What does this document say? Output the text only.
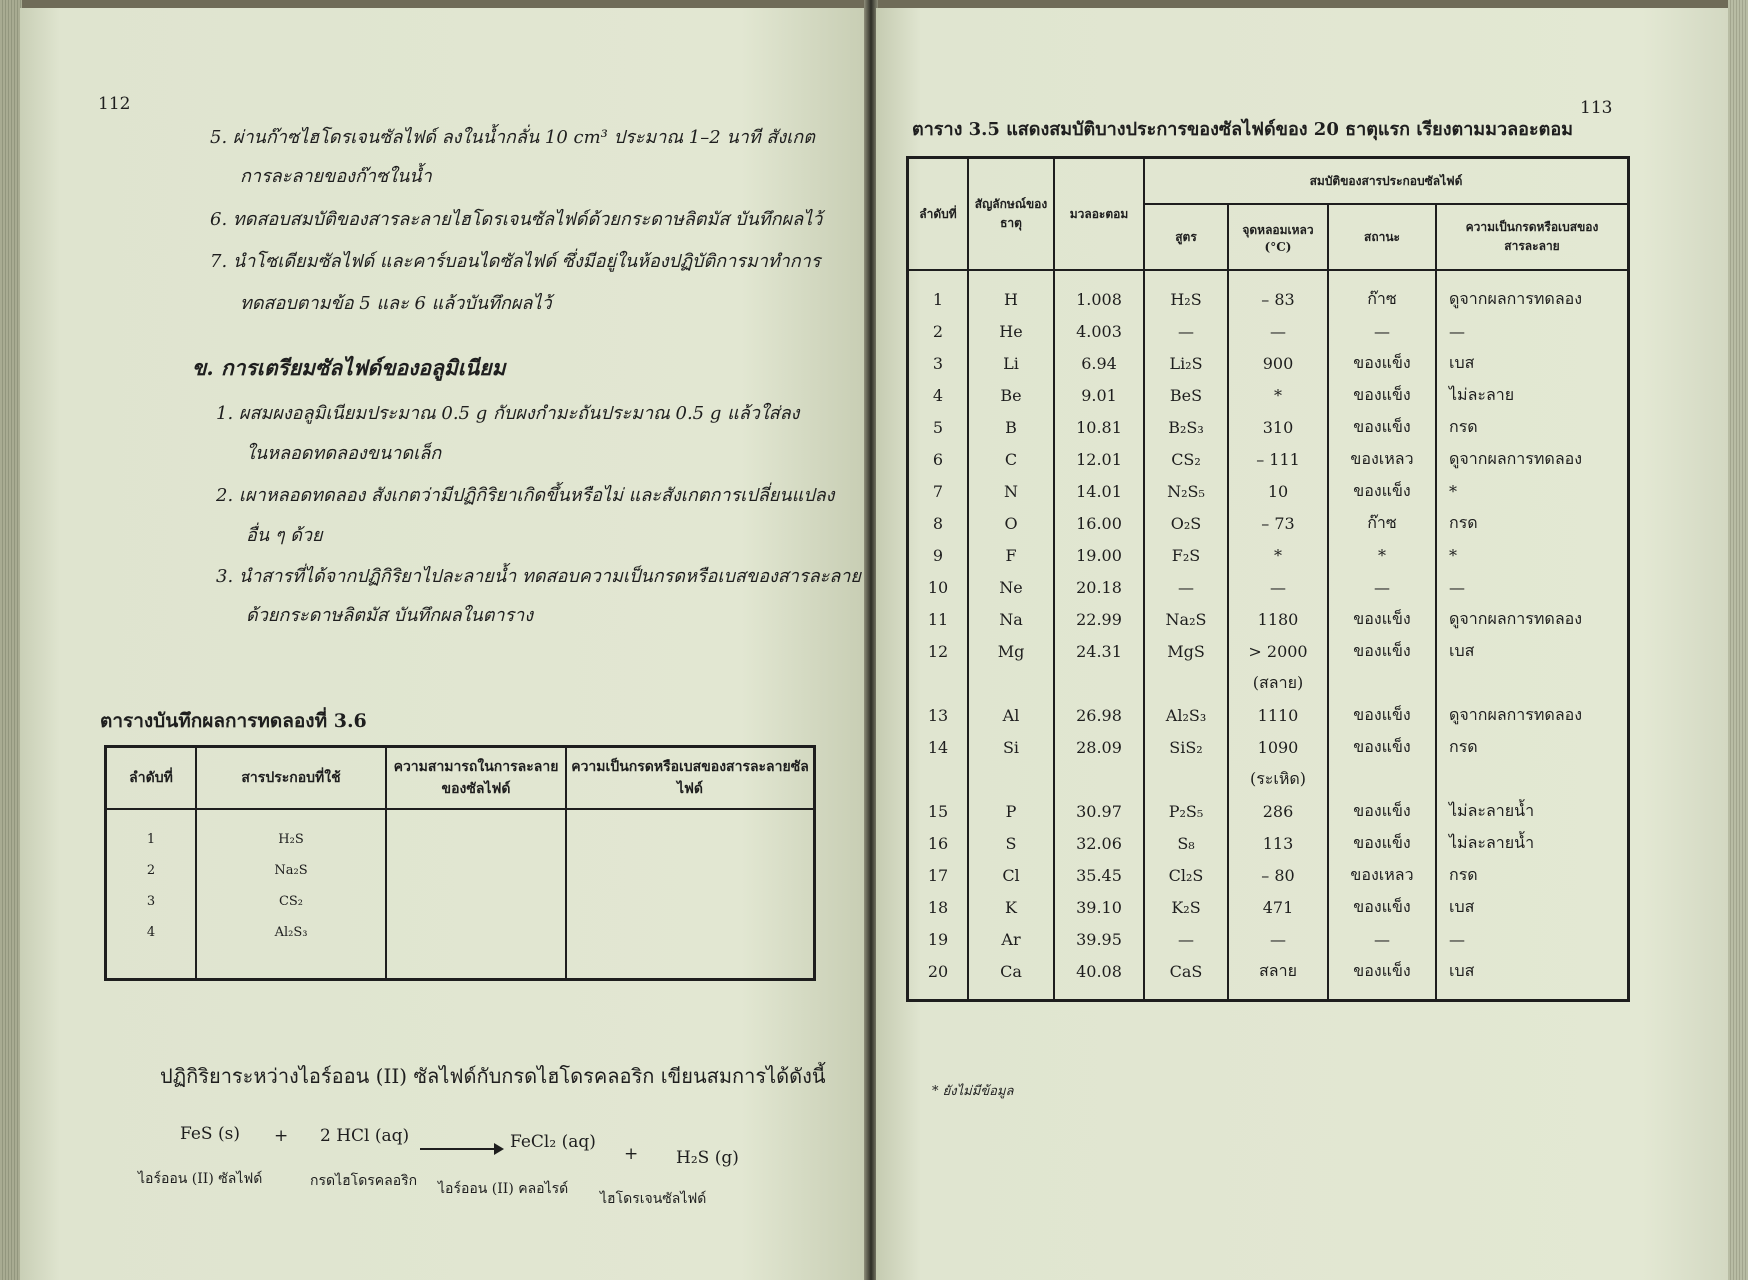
112
5. ผ่านก๊าซไฮโดรเจนซัลไฟด์ ลงในน้ำกลั่น 10 cm³ ประมาณ 1–2 นาที สังเกต
การละลายของก๊าซในน้ำ
6. ทดสอบสมบัติของสารละลายไฮโดรเจนซัลไฟด์ด้วยกระดาษลิตมัส บันทึกผลไว้
7. นำโซเดียมซัลไฟด์ และคาร์บอนไดซัลไฟด์ ซึ่งมีอยู่ในห้องปฏิบัติการมาทำการ
ทดสอบตามข้อ 5 และ 6 แล้วบันทึกผลไว้
ข. การเตรียมซัลไฟด์ของอลูมิเนียม
1. ผสมผงอลูมิเนียมประมาณ 0.5 g กับผงกำมะถันประมาณ 0.5 g แล้วใส่ลง
ในหลอดทดลองขนาดเล็ก
2. เผาหลอดทดลอง สังเกตว่ามีปฏิกิริยาเกิดขึ้นหรือไม่ และสังเกตการเปลี่ยนแปลง
อื่น ๆ ด้วย
3. นำสารที่ได้จากปฏิกิริยาไปละลายน้ำ ทดสอบความเป็นกรดหรือเบสของสารละลาย
ด้วยกระดาษลิตมัส บันทึกผลในตาราง
ตารางบันทึกผลการทดลองที่ 3.6
ลำดับที่	สารประกอบที่ใช้	ความสามารถในการละลายของซัลไฟด์	ความเป็นกรดหรือเบสของสารละลายซัลไฟด์

1	H₂S		
2	Na₂S		
3	CS₂		
4	Al₂S₃		

ปฏิกิริยาระหว่างไอร์ออน (II) ซัลไฟด์กับกรดไฮโดรคลอริก เขียนสมการได้ดังนี้
FeS (s) + 2 HCl (aq)	FeCl₂ (aq)
+ H₂S (g)
ไอร์ออน (II) ซัลไฟด์	กรดไฮโดรคลอริก ไอร์ออน (II) คลอไรด์
ไฮโดรเจนซัลไฟด์
113
ตาราง 3.5 แสดงสมบัติบางประการของซัลไฟด์ของ 20 ธาตุแรก เรียงตามมวลอะตอม
ลำดับที่	สัญลักษณ์ของธาตุ	มวลอะตอม	สมบัติของสารประกอบซัลไฟด์			
			สูตร	จุดหลอมเหลว (°C)	สถานะ	ความเป็นกรดหรือเบสของสารละลาย

1	H	1.008	H₂S	– 83	ก๊าซ	ดูจากผลการทดลอง
2	He	4.003	—	—	—	—
3	Li	6.94	Li₂S	900	ของแข็ง	เบส
4	Be	9.01	BeS	*	ของแข็ง	ไม่ละลาย
5	B	10.81	B₂S₃	310	ของแข็ง	กรด
6	C	12.01	CS₂	– 111	ของเหลว	ดูจากผลการทดลอง
7	N	14.01	N₂S₅	10	ของแข็ง	*
8	O	16.00	O₂S	– 73	ก๊าซ	กรด
9	F	19.00	F₂S	*	*	*
10	Ne	20.18	—	—	—	—
11	Na	22.99	Na₂S	1180	ของแข็ง	ดูจากผลการทดลอง
12	Mg	24.31	MgS	> 2000	ของแข็ง	เบส
				(สลาย)		
13	Al	26.98	Al₂S₃	1110	ของแข็ง	ดูจากผลการทดลอง
14	Si	28.09	SiS₂	1090	ของแข็ง	กรด
				(ระเหิด)		
15	P	30.97	P₂S₅	286	ของแข็ง	ไม่ละลายน้ำ
16	S	32.06	S₈	113	ของแข็ง	ไม่ละลายน้ำ
17	Cl	35.45	Cl₂S	– 80	ของเหลว	กรด
18	K	39.10	K₂S	471	ของแข็ง	เบส
19	Ar	39.95	—	—	—	—
20	Ca	40.08	CaS	สลาย	ของแข็ง	เบส

* ยังไม่มีข้อมูล
